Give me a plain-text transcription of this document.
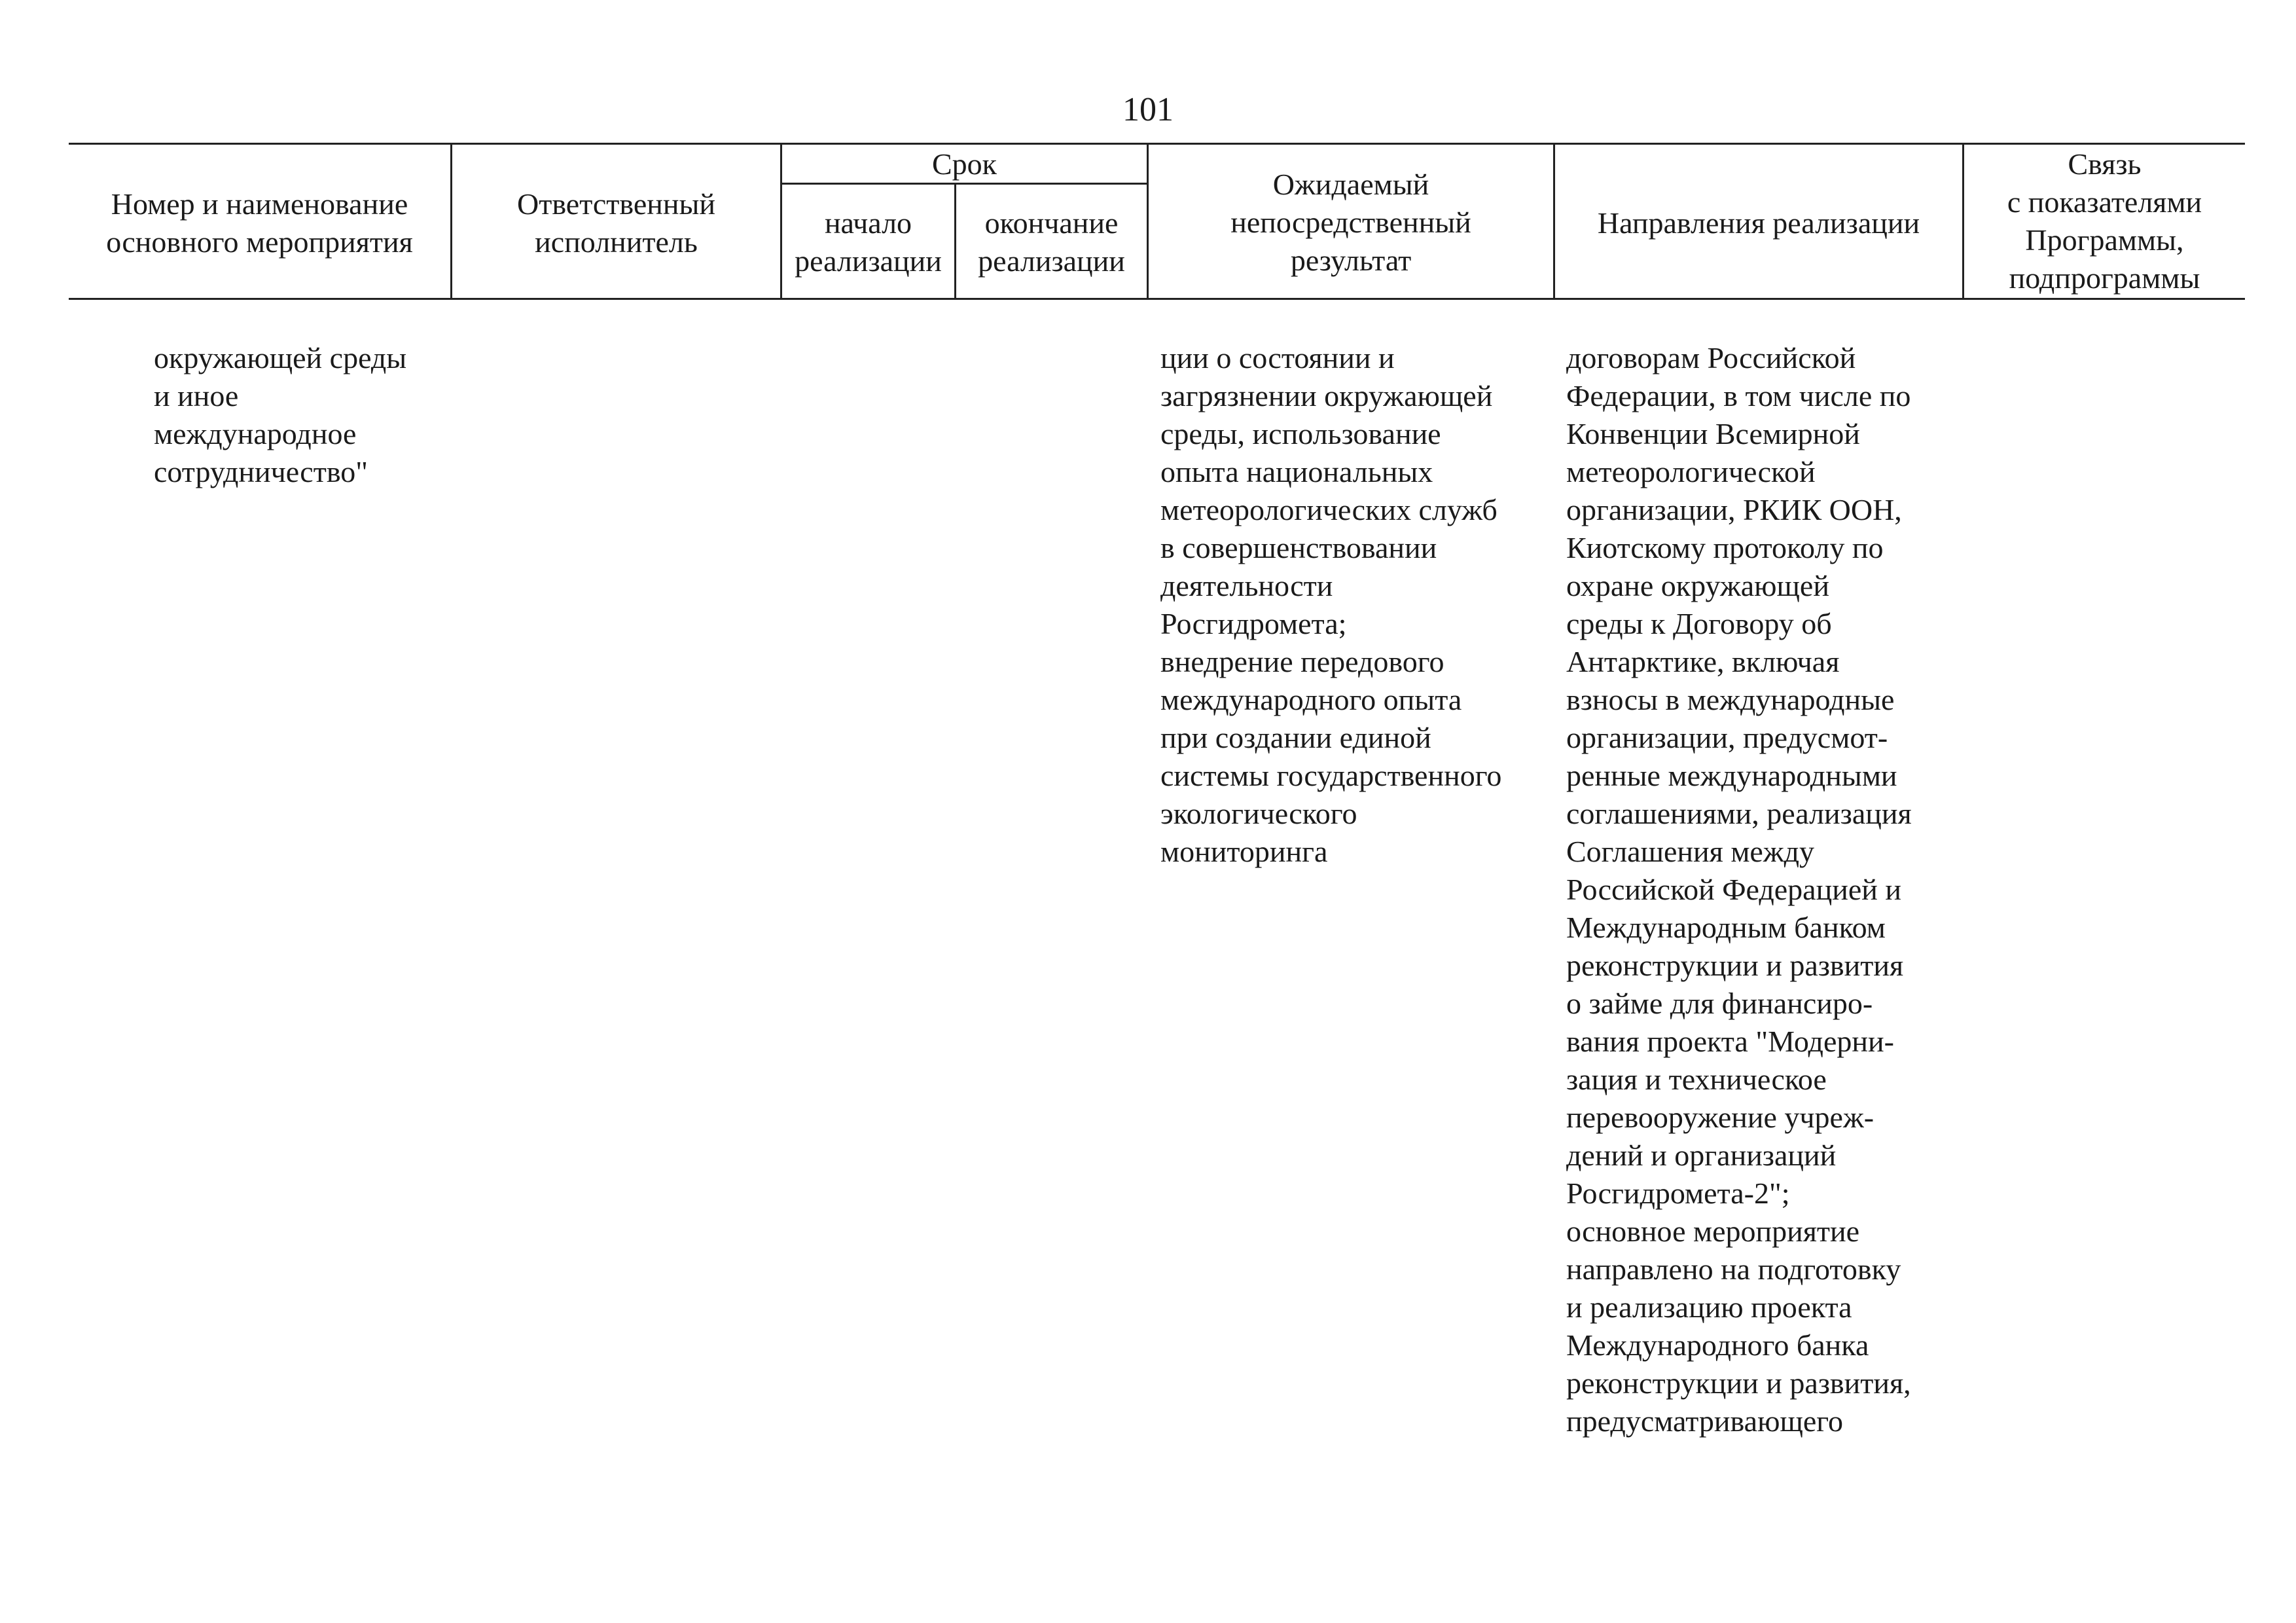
101
Номер и наименование
основного мероприятия
Ответственный
исполнитель
Срок
начало
реализации
окончание
реализации
Ожидаемый
непосредственный
результат
Направления реализации
Связь
с показателями
Программы,
подпрограммы
окружающей среды
и иное
международное
сотрудничество"
ции о состоянии и
загрязнении окружающей
среды, использование
опыта национальных
метеорологических служб
в совершенствовании
деятельности
Росгидромета;
внедрение передового
международного опыта
при создании единой
системы государственного
экологического
мониторинга
договорам Российской
Федерации, в том числе по
Конвенции Всемирной
метеорологической
организации, РКИК ООН,
Киотскому протоколу по
охране окружающей
среды к Договору об
Антарктике, включая
взносы в международные
организации, предусмот-
ренные международными
соглашениями, реализация
Соглашения между
Российской Федерацией и
Международным банком
реконструкции и развития
о займе для финансиро-
вания проекта "Модерни-
зация и техническое
перевооружение учреж-
дений и организаций
Росгидромета-2";
основное мероприятие
направлено на подготовку
и реализацию проекта
Международного банка
реконструкции и развития,
предусматривающего
